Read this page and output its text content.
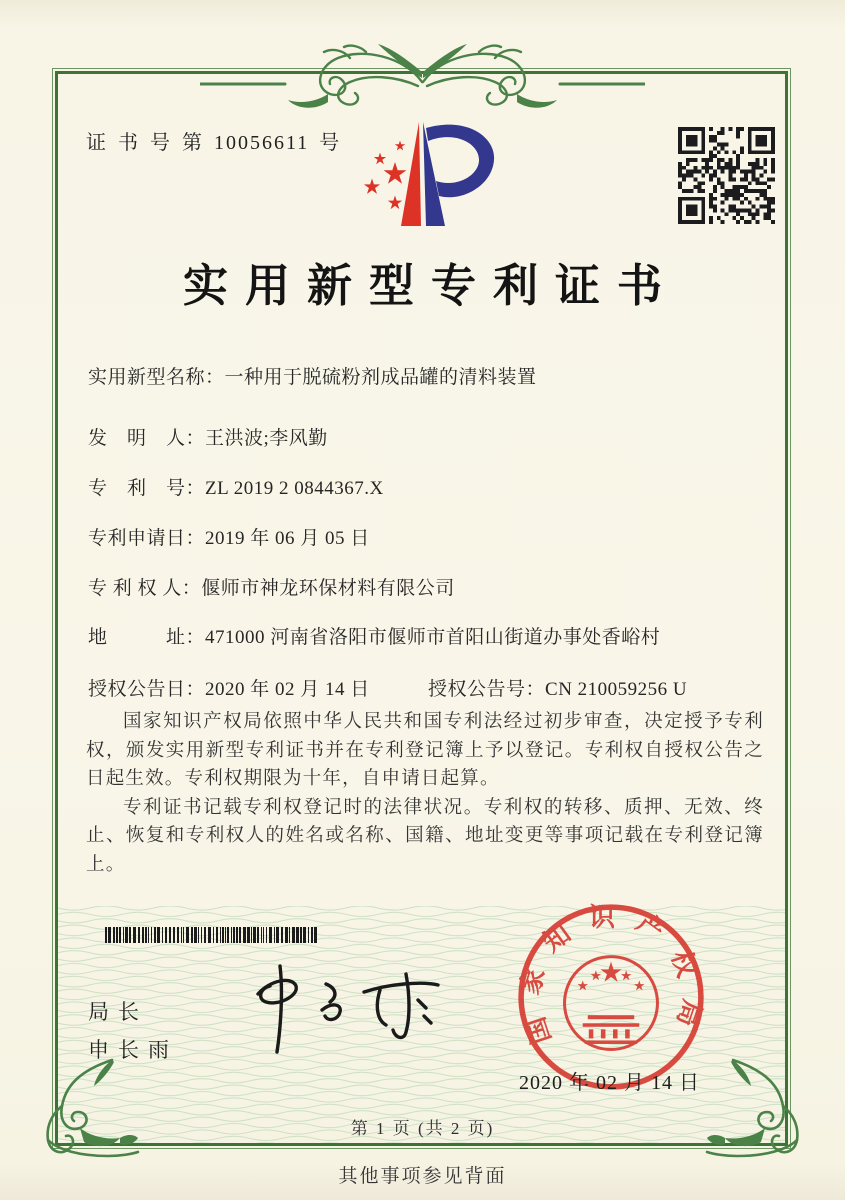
证 书 号 第 10056611 号
实用新型专利证书
实用新型名称：一种用于脱硫粉剂成品罐的清料装置
发　明　人：王洪波;李风勤
专　利　号：ZL 2019 2 0844367.X
专利申请日：2019 年 06 月 05 日
专 利 权 人：偃师市神龙环保材料有限公司
地　　　址：471000 河南省洛阳市偃师市首阳山街道办事处香峪村
授权公告日：2020 年 02 月 14 日	授权公告号：CN 210059256 U

国家知识产权局依照中华人民共和国专利法经过初步审查，决定授予专利权，颁发实用新型专利证书并在专利登记簿上予以登记。专利权自授权公告之日起生效。专利权期限为十年，自申请日起算。

专利证书记载专利权登记时的法律状况。专利权的转移、质押、无效、终止、恢复和专利权人的姓名或名称、国籍、地址变更等事项记载在专利登记簿上。

局长
申长雨
国家知识产权局
2020 年 02 月 14 日
第 1 页 (共 2 页)
其他事项参见背面
